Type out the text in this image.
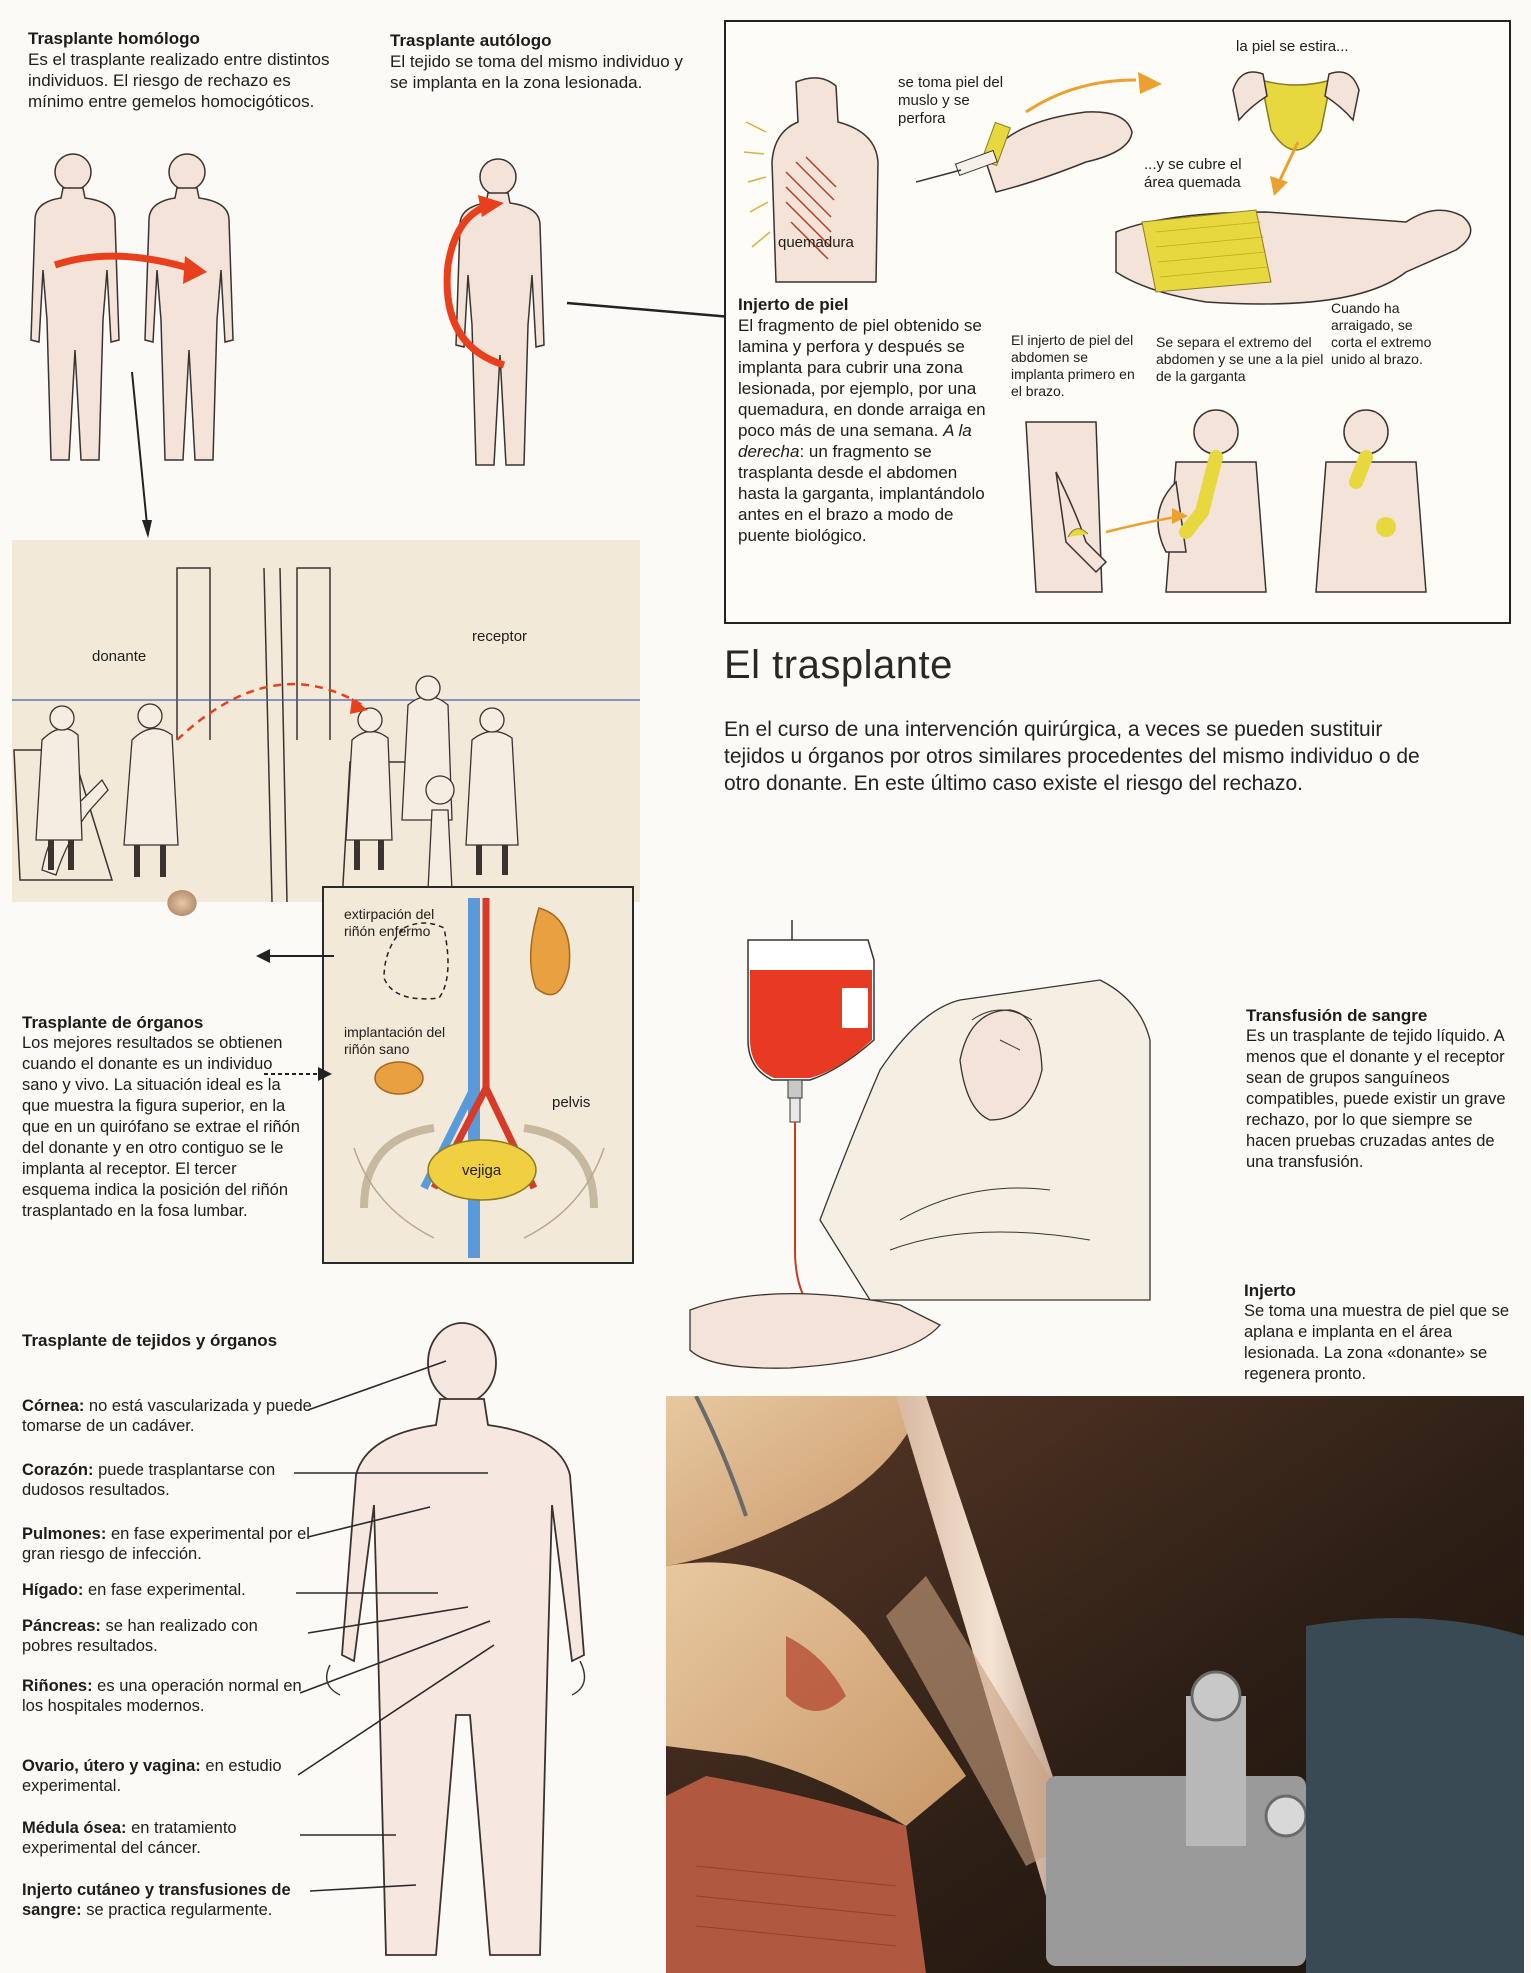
Trasplante homólogo
Es el trasplante realizado entre distintos individuos. El riesgo de rechazo es mínimo entre gemelos homocigóticos.
Trasplante autólogo
El tejido se toma del mismo individuo y se implanta en la zona lesionada.
quemadura
se toma piel del muslo y se perfora
la piel se estira...
...y se cubre el área quemada
Injerto de piel
El fragmento de piel obtenido se lamina y perfora y después se implanta para cubrir una zona lesionada, por ejemplo, por una quemadura, en donde arraiga en poco más de una semana. A la derecha: un fragmento se trasplanta desde el abdomen hasta la garganta, implantándolo antes en el brazo a modo de puente biológico.
El injerto de piel del abdomen se implanta primero en el brazo.
Se separa el extremo del abdomen y se une a la piel de la garganta
Cuando ha arraigado, se corta el extremo unido al brazo.
El trasplante
En el curso de una intervención quirúrgica, a veces se pueden sustituir tejidos u órganos por otros similares procedentes del mismo individuo o de otro donante. En este último caso existe el riesgo del rechazo.
donante
receptor
extirpación del riñón enfermo
implantación del riñón sano
pelvis
vejiga
Trasplante de órganos
Los mejores resultados se obtienen cuando el donante es un individuo sano y vivo. La situación ideal es la que muestra la figura superior, en la que en un quirófano se extrae el riñón del donante y en otro contiguo se le implanta al receptor. El tercer esquema indica la posición del riñón trasplantado en la fosa lumbar.
Transfusión de sangre
Es un trasplante de tejido líquido. A menos que el donante y el receptor sean de grupos sanguíneos compatibles, puede existir un grave rechazo, por lo que siempre se hacen pruebas cruzadas antes de una transfusión.
Injerto
Se toma una muestra de piel que se aplana e implanta en el área lesionada. La zona «donante» se regenera pronto.
Trasplante de tejidos y órganos
Córnea: no está vascularizada y puede tomarse de un cadáver.
Corazón: puede trasplantarse con dudosos resultados.
Pulmones: en fase experimental por el gran riesgo de infección.
Hígado: en fase experimental.
Páncreas: se han realizado con pobres resultados.
Riñones: es una operación normal en los hospitales modernos.
Ovario, útero y vagina: en estudio experimental.
Médula ósea: en tratamiento experimental del cáncer.
Injerto cutáneo y transfusiones de sangre: se practica regularmente.
